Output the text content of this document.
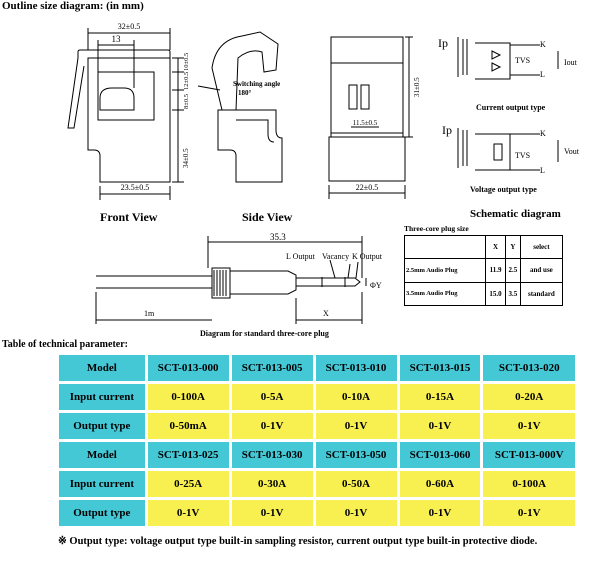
Outline size diagram: (in mm)
32±0.5
13
10±0.5
12±0.5
8±0.5
34±0.5
23.5±0.5
Front View
Switching angle
180°
Side View
11.5±0.5
31±0.5
22±0.5
Ip
TVS
K
L
Iout
Current output type
Ip
TVS
K
L
Vout
Voltage output type
Schematic diagram
Three-core plug size
	X	Y	select
2.5mm Audio Plug	11.9	2.5	and use
3.5mm Audio Plug	15.0	3.5	standard
35.3
L Output Vacancy K Output
ΦY
X
1m
Diagram for standard three-core plug
Table of technical parameter:
Model	SCT-013-000	SCT-013-005	SCT-013-010	SCT-013-015	SCT-013-020
Input current	0-100A	0-5A	0-10A	0-15A	0-20A
Output type	0-50mA	0-1V	0-1V	0-1V	0-1V
Model	SCT-013-025	SCT-013-030	SCT-013-050	SCT-013-060	SCT-013-000V
Input current	0-25A	0-30A	0-50A	0-60A	0-100A
Output type	0-1V	0-1V	0-1V	0-1V	0-1V
※ Output type: voltage output type built-in sampling resistor, current output type built-in protective diode.
